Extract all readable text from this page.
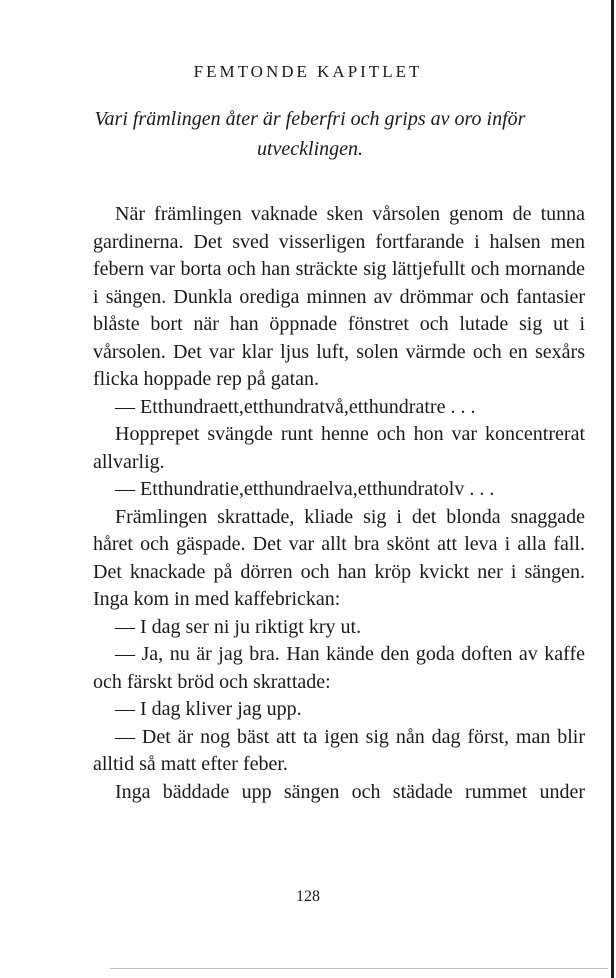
FEMTONDE KAPITLET

Vari främlingen åter är feberfri och grips av oro inför utvecklingen.

När främlingen vaknade sken vårsolen genom de tunna gardinerna. Det sved visserligen fortfarande i halsen men febern var borta och han sträckte sig lättjefullt och mornande i sängen. Dunkla orediga minnen av drömmar och fantasier blåste bort när han öppnade fönstret och lutade sig ut i vårsolen. Det var klar ljus luft, solen värmde och en sexårs flicka hoppade rep på gatan.

— Etthundraett,etthundratvå,etthundratre . . .

Hopprepet svängde runt henne och hon var koncentrerat allvarlig.

— Etthundratie,etthundraelva,etthundratolv . . .

Främlingen skrattade, kliade sig i det blonda snaggade håret och gäspade. Det var allt bra skönt att leva i alla fall. Det knackade på dörren och han kröp kvickt ner i sängen. Inga kom in med kaffebrickan:

— I dag ser ni ju riktigt kry ut.

— Ja, nu är jag bra. Han kände den goda doften av kaffe och färskt bröd och skrattade:

— I dag kliver jag upp.

— Det är nog bäst att ta igen sig nån dag först, man blir alltid så matt efter feber.

Inga bäddade upp sängen och städade rummet under

128
